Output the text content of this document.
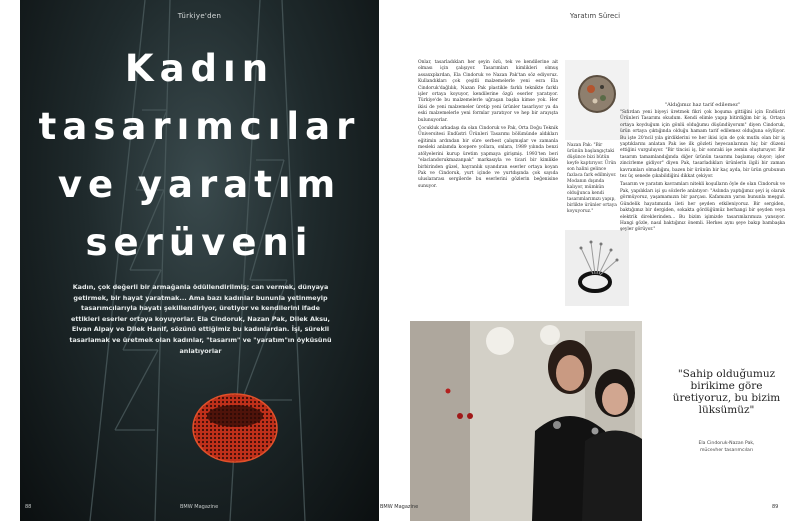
Türkiye'den
Kadın
tasarımcılar
ve yaratım
serüveni

Kadın, çok değerli bir armağanla ödüllendirilmiş; can vermek, dünyaya getirmek, bir hayat yaratmak... Ama bazı kadınlar bununla yetinmeyip tasarımcılarıyla hayatı şekillendiriyor, üretiyor ve kendilerini ifade ettikleri eserler ortaya koyuyorlar. Ela Cindoruk, Nazan Pak, Dilek Aksu, Elvan Alpay ve Dilek Hanif, sözünü ettiğimiz bu kadınlardan. İşi, sürekli tasarlamak ve üretmek olan kadınlar, "tasarım" ve "yaratım"ın öyküsünü anlatıyorlar

88	BMW Magazine
Yaratım Süreci

Onlar, tasarladıkları her şeyin özü, tek ve kendilerine ait olması için çalışıyor. Tasarımları kimlikleri olmuş assaxxplardan, Ela Cindoruk ve Nazan Pak'tan söz ediyoruz. Kullandıkları çok çeşitli malzemelerle yeni esra Ela Cindoruk'dağlılık, Nazan Pak plastikle farklı teknikte farklı işler ortaya koyuyor, kendilerine özgü eserler yaratıyor. Türkiye'de bu malzemelerle uğraşan başka kimse yok. Her ikisi de yeni malzemeler üretip yeni ürünler tasarlıyor ya da eski malzemelerle yeni formlar yaratıyor ve hep bir arayışta bulunuyorlar.

Çocukluk arkadaşı da olan Cindoruk ve Pak, Orta Doğu Teknik Üniversitesi Endüstri Ürünleri Tasarımı bölümünde aldıkları eğitimin ardından bir süre serbest çalışmışlar ve zamanla mesleki anlamda koopere yollara, onlara, 1989 yılında benzi atölyelerini kurup üretim yapmaya girişmiş. 1993'ten beri "elaclandorukmazanpak" markasıyla ve ticari bir kimlikle birbirinden güzel, hayranlık uyandıran eserler ortaya koyan Pak ve Cindoruk, yurt içinde ve yurtdışında çok sayıda uluslararası sergilerde bu eserlerini gözlerin beğenisine sunuyor.

Nazan Pak: "Bir ürünün başlangıçtaki düşünce bizi bütün keyfe kaptırıyor. Ürün son halini gelince fazlaca fark edilmiyor. Modanın dışında kalıyor, mümkün olduğunca kendi tasarımlarımızı yapıp, birlikte ürünler ortaya koyuyoruz."

"Aldığımız haz tarif edilemez"

"Sıfırdan yeni biyeyi üretmek fikri çok boşuma gittiğini için Endüstri Ürünleri Tasarımı okudum. Kendi elimle yapıp bitirdiğim bir iş. Ortaya ortaya koyduğum için gönlü olduğumu düşündüyorum" diyen Cindoruk, ürün ortaya çıktığında olduğu hamam tarif edilemez olduğuna söylüyor. Bu işte 20'ncil yıla girdiklerini ve her ikisi için de çok mutlu olan bir iş yaptıklarını anlatan Pak ise ilk gözleti heyecanlarının hiç bir düzeni ettiğini vurguluyor. "Bir tincisi iş, bir sonraki işe zemin oluşturuyor. Bir tasarım tamamlandığında diğer ürünün tasarımı başlamış oluyor; işler zincirleme gidiyor" diyen Pak, tasarladıkları ürünlerin ilgili bir zaman kavramları olmadığını, bazen bir ürünün bir kaç ayda, bir ürün grubunun tez üç senede çıkabildiğini dikkat çekiyor.

Tasarım ve yaratım kavramları nitekli koşulların öyle de olan Cindoruk ve Pak, yapılıkları işi şu sözlerle anlatıyor: "Aslında yaptığımız şeyi iş olarak görmüyoruz, yaşamamızın bir parçası. Kafamızın yarısı bununla meşgul. Gündelik hayatımızda ileti her şeyden etkileniyoruz. Bir sergiden, baktığımız bir dergiden, sokakta gördüğümüz herhangi bir şeyden veya elektrik direklerinden... Bu bizim işimizde tasarımlarımıza yansıyor. Hangi gözle, nasıl baktığınız önemli. Herkes aynı şeye bakıp bambaşka şeyler görüyor."

"Sahip olduğumuz birikime göre üretiyoruz, bu bizim lüksümüz"

Ela Cindoruk-Nazan Pak,
mücevher tasarımcıları
BMW Magazine	89
